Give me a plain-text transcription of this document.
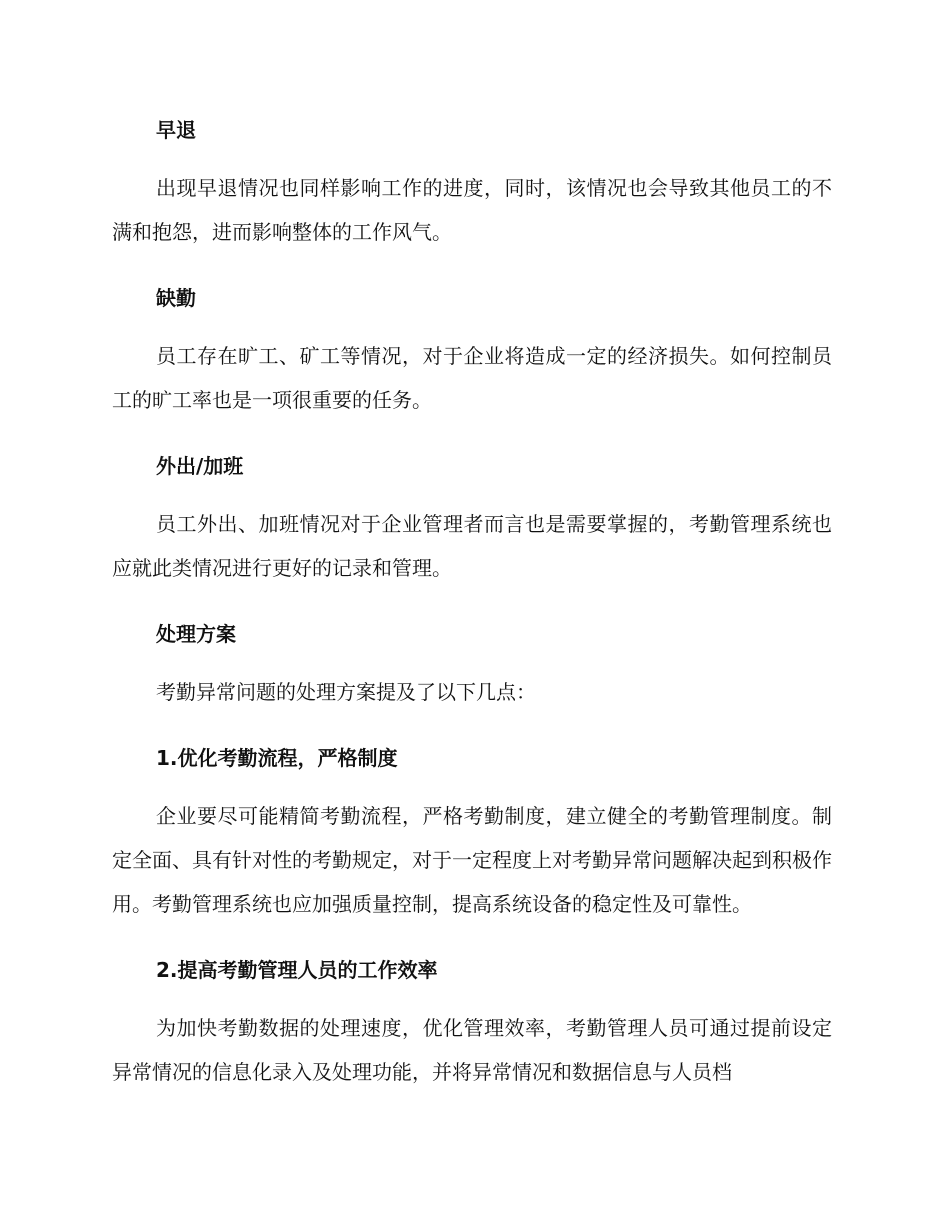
早退

出现早退情况也同样影响工作的进度，同时，该情况也会导致其他员工的不满和抱怨，进而影响整体的工作风气。

缺勤

员工存在旷工、矿工等情况，对于企业将造成一定的经济损失。如何控制员工的旷工率也是一项很重要的任务。

外出/加班

员工外出、加班情况对于企业管理者而言也是需要掌握的，考勤管理系统也应就此类情况进行更好的记录和管理。

处理方案

考勤异常问题的处理方案提及了以下几点：

1.优化考勤流程，严格制度

企业要尽可能精简考勤流程，严格考勤制度，建立健全的考勤管理制度。制定全面、具有针对性的考勤规定，对于一定程度上对考勤异常问题解决起到积极作用。考勤管理系统也应加强质量控制，提高系统设备的稳定性及可靠性。

2.提高考勤管理人员的工作效率

为加快考勤数据的处理速度，优化管理效率，考勤管理人员可通过提前设定异常情况的信息化录入及处理功能，并将异常情况和数据信息与人员档
